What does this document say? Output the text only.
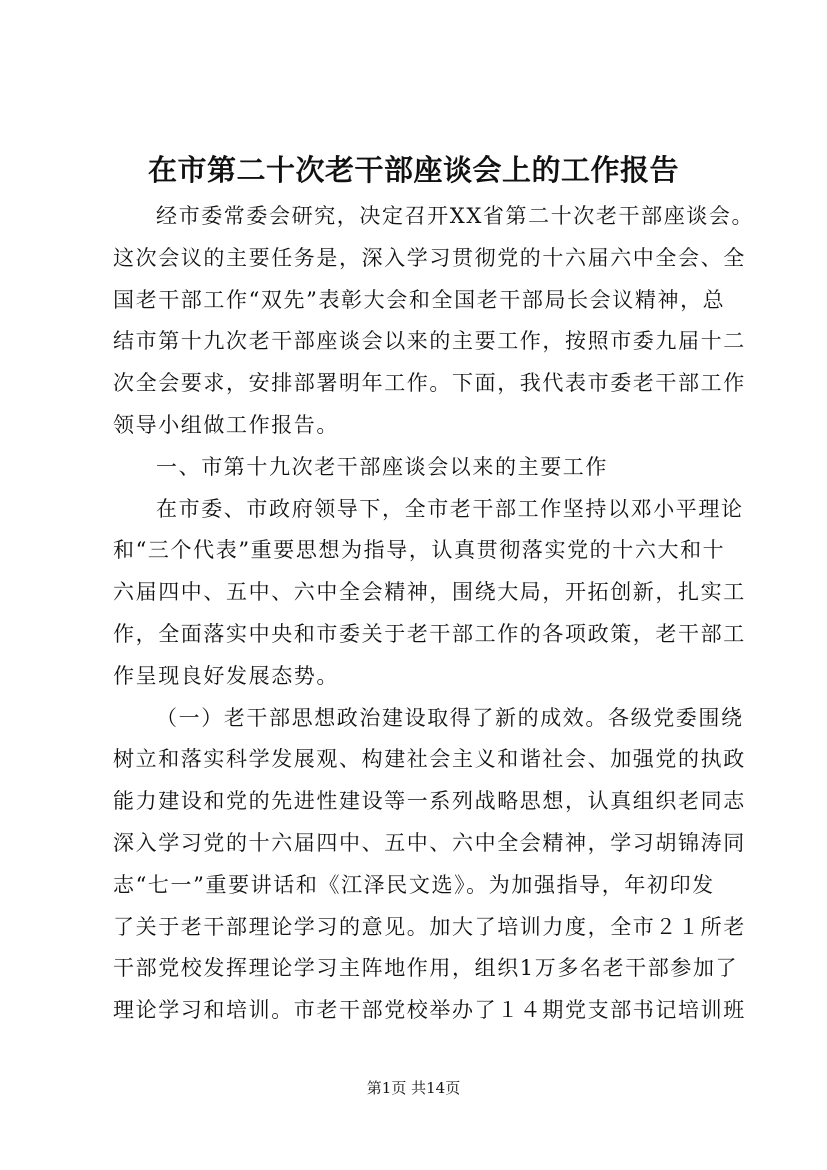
在市第二十次老干部座谈会上的工作报告
经市委常委会研究，决定召开XX省第二十次老干部座谈会。
这次会议的主要任务是，深入学习贯彻党的十六届六中全会、全
国老干部工作“双先”表彰大会和全国老干部局长会议精神，总
结市第十九次老干部座谈会以来的主要工作，按照市委九届十二
次全会要求，安排部署明年工作。下面，我代表市委老干部工作
领导小组做工作报告。
一、市第十九次老干部座谈会以来的主要工作
在市委、市政府领导下，全市老干部工作坚持以邓小平理论
和“三个代表”重要思想为指导，认真贯彻落实党的十六大和十
六届四中、五中、六中全会精神，围绕大局，开拓创新，扎实工
作，全面落实中央和市委关于老干部工作的各项政策，老干部工
作呈现良好发展态势。
（一）老干部思想政治建设取得了新的成效。各级党委围绕
树立和落实科学发展观、构建社会主义和谐社会、加强党的执政
能力建设和党的先进性建设等一系列战略思想，认真组织老同志
深入学习党的十六届四中、五中、六中全会精神，学习胡锦涛同
志“七一”重要讲话和《江泽民文选》。为加强指导，年初印发
了关于老干部理论学习的意见。加大了培训力度，全市２１所老
干部党校发挥理论学习主阵地作用，组织1万多名老干部参加了
理论学习和培训。市老干部党校举办了１４期党支部书记培训班
第1页 共14页
